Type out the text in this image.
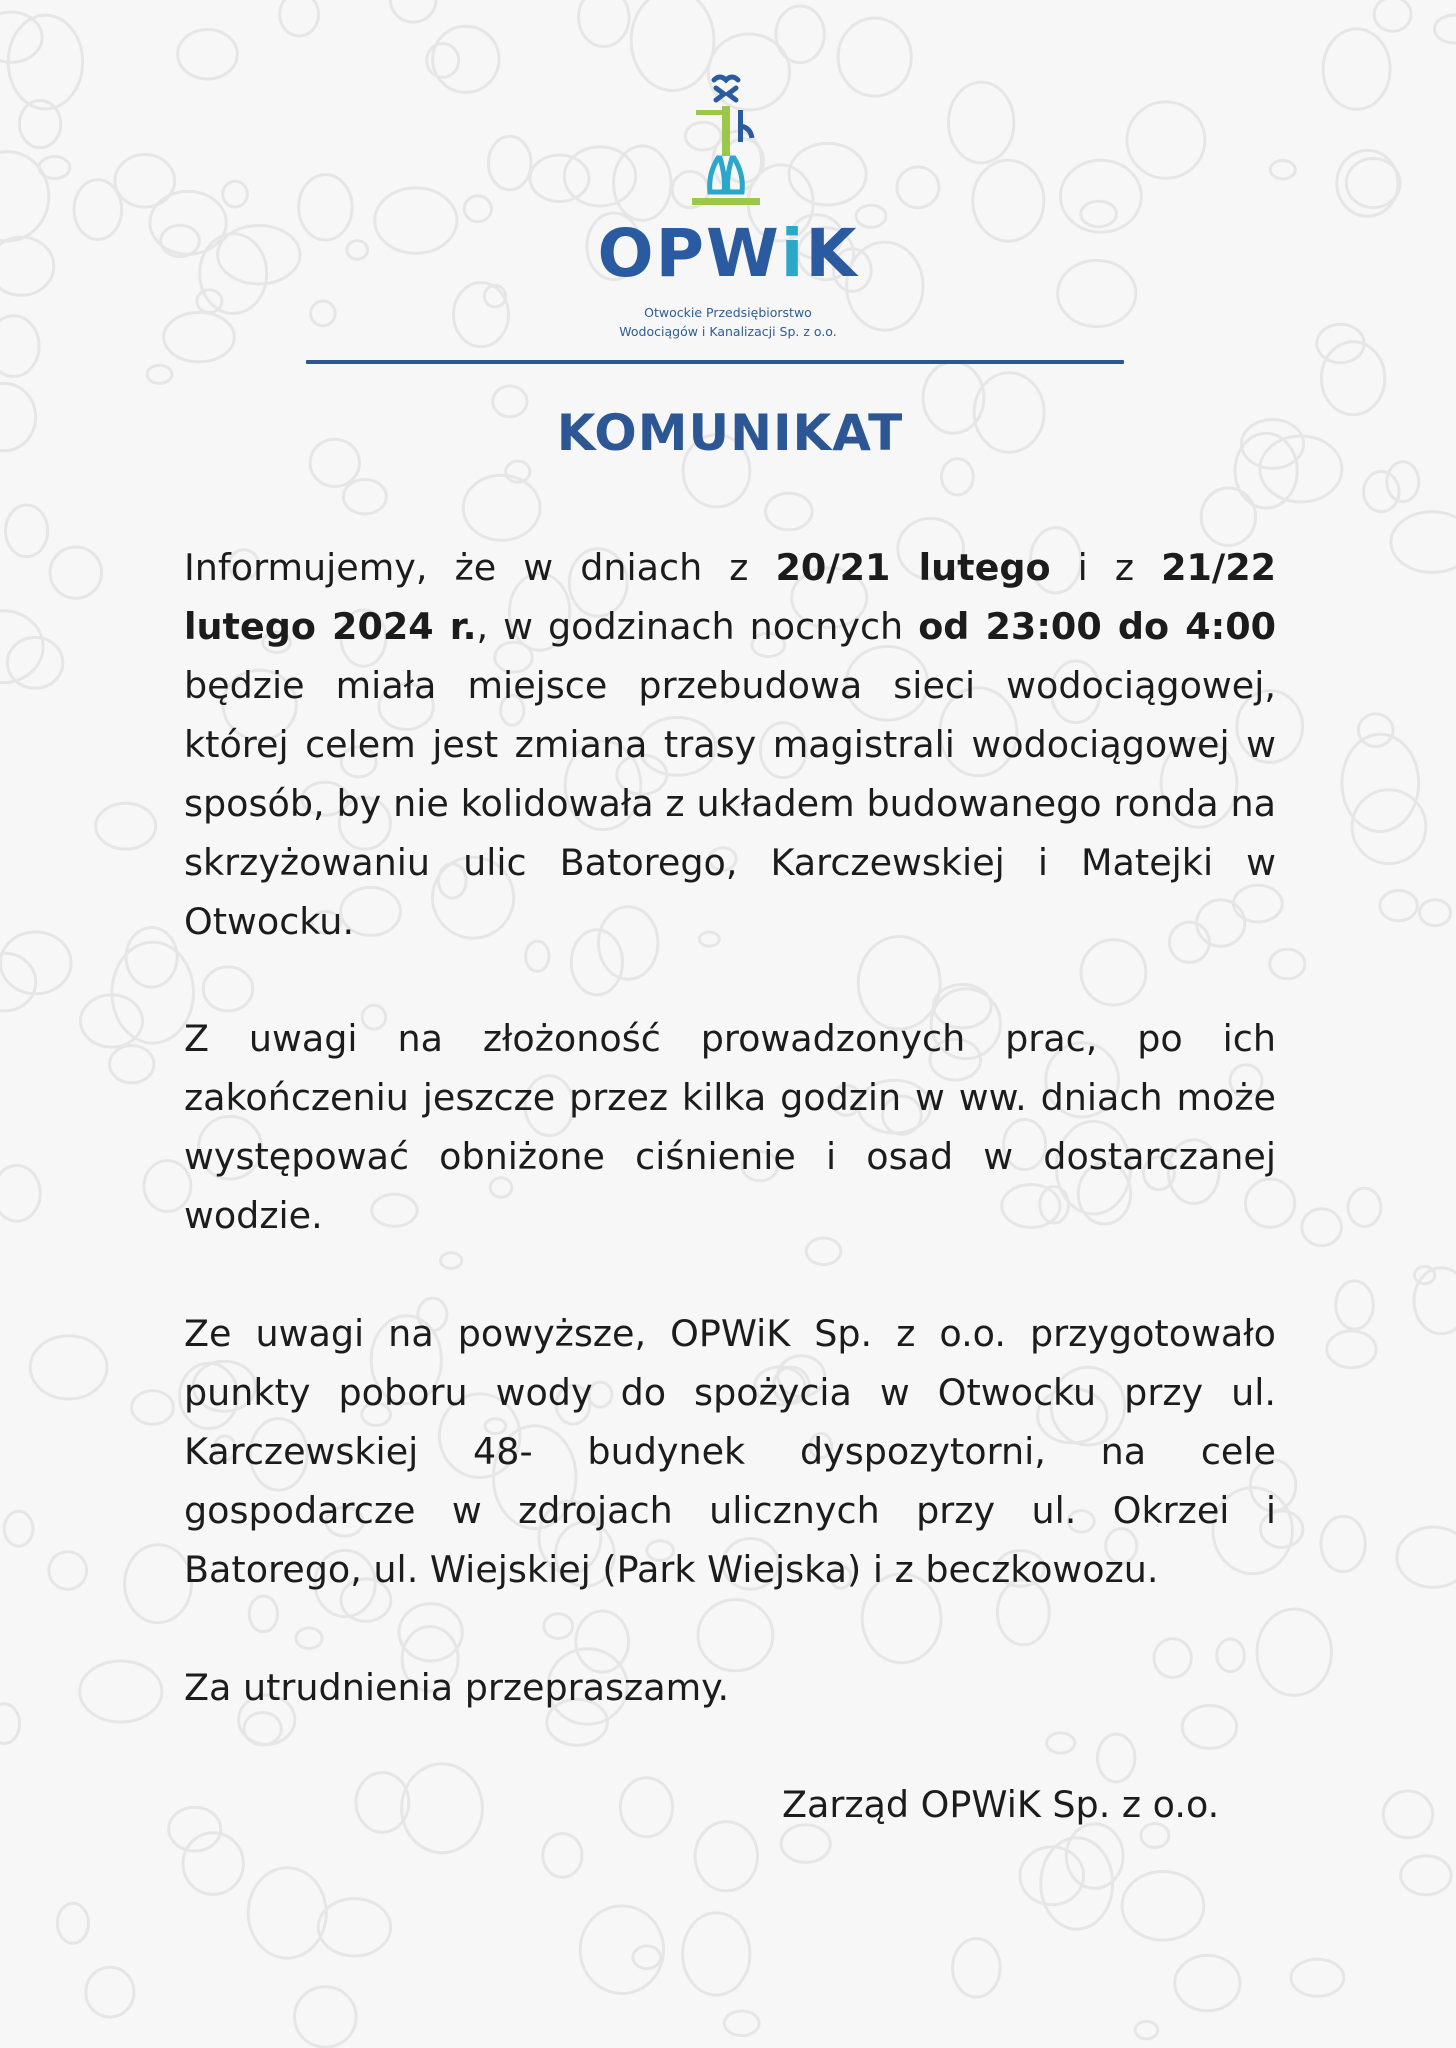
OPWiK
Otwockie Przedsiębiorstwo
Wodociągów i Kanalizacji Sp. z o.o.
KOMUNIKAT
Informujemy, że w dniach z 20/21 lutego i z 21/22 lutego 2024 r., w godzinach nocnych od 23:00 do 4:00 będzie miała miejsce przebudowa sieci wodociągowej, której celem jest zmiana trasy magistrali wodociągowej w sposób, by nie kolidowała z układem budowanego ronda na skrzyżowaniu ulic Batorego, Karczewskiej i Matejki w Otwocku.
Z uwagi na złożoność prowadzonych prac, po ich zakończeniu jeszcze przez kilka godzin w ww. dniach może występować obniżone ciśnienie i osad w dostarczanej wodzie.
Ze uwagi na powyższe, OPWiK Sp. z o.o. przygotowało punkty poboru wody do spożycia w Otwocku przy ul. Karczewskiej 48- budynek dyspozytorni, na cele gospodarcze w zdrojach ulicznych przy ul. Okrzei i Batorego, ul. Wiejskiej (Park Wiejska) i z beczkowozu.
Za utrudnienia przepraszamy.
Zarząd OPWiK Sp. z o.o.
